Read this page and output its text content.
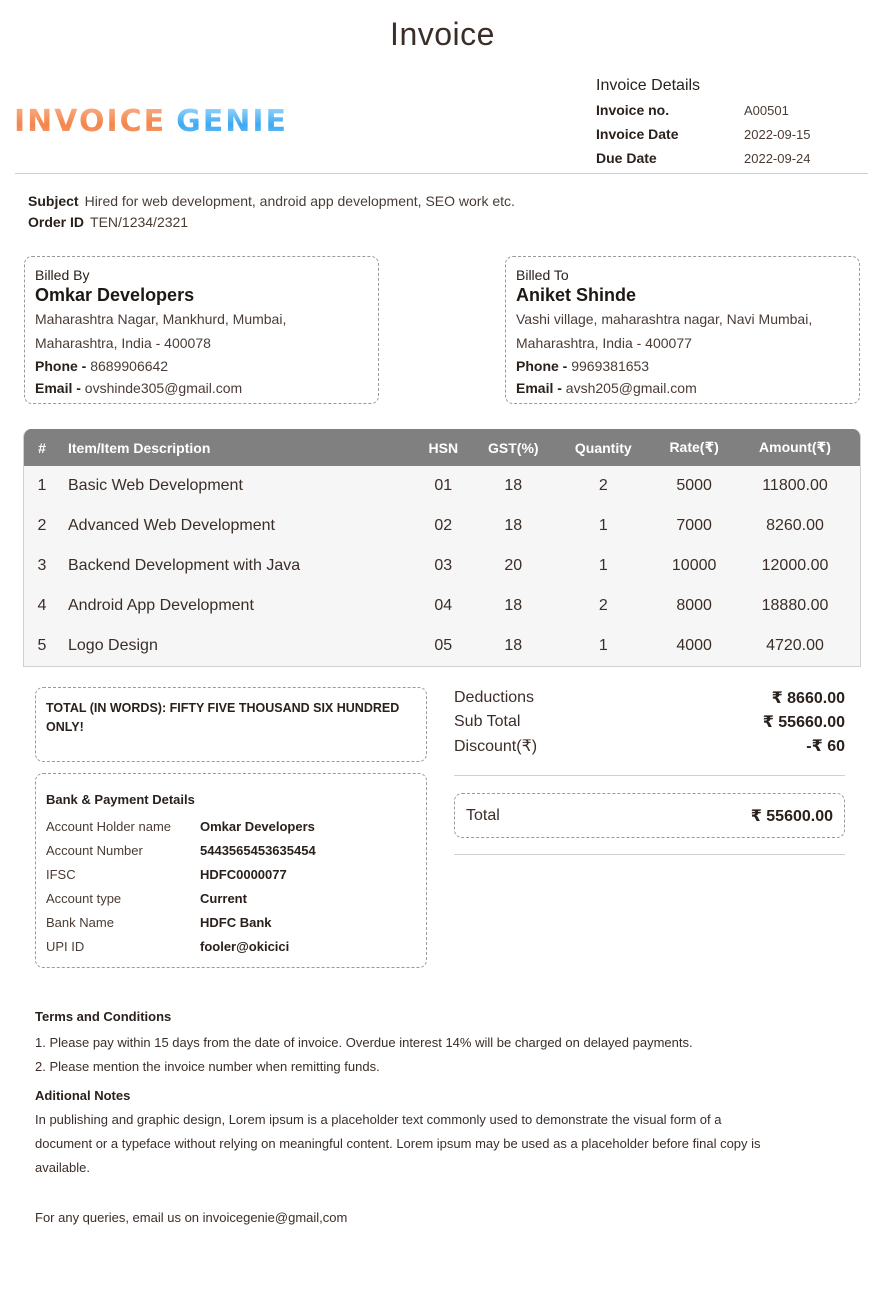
Invoice
INVOICE GENIE
Invoice Details
Invoice no.	A00501
Invoice Date	2022-09-15
Due Date	2022-09-24
Subject Hired for web development, android app development, SEO work etc.
Order ID TEN/1234/2321
Billed By
Omkar Developers
Maharashtra Nagar, Mankhurd, Mumbai, Maharashtra, India - 400078
Phone - 8689906642
Email - ovshinde305@gmail.com
Billed To
Aniket Shinde
Vashi village, maharashtra nagar, Navi Mumbai, Maharashtra, India - 400077
Phone - 9969381653
Email - avsh205@gmail.com
#	Item/Item Description	HSN	GST(%)	Quantity	Rate(₹)	Amount(₹)
1	Basic Web Development	01	18	2	5000	11800.00
2	Advanced Web Development	02	18	1	7000	8260.00
3	Backend Development with Java	03	20	1	10000	12000.00
4	Android App Development	04	18	2	8000	18880.00
5	Logo Design	05	18	1	4000	4720.00
TOTAL (IN WORDS): FIFTY FIVE THOUSAND SIX HUNDRED ONLY!
Bank & Payment Details
Account Holder name	Omkar Developers
Account Number	5443565453635454
IFSC	HDFC0000077
Account type	Current
Bank Name	HDFC Bank
UPI ID	fooler@okicici
Deductions	₹ 8660.00
Sub Total	₹ 55660.00
Discount(₹)	-₹ 60
Total	₹ 55600.00
Terms and Conditions
1. Please pay within 15 days from the date of invoice. Overdue interest 14% will be charged on delayed payments.
2. Please mention the invoice number when remitting funds.
Aditional Notes
In publishing and graphic design, Lorem ipsum is a placeholder text commonly used to demonstrate the visual form of a document or a typeface without relying on meaningful content. Lorem ipsum may be used as a placeholder before final copy is available.
For any queries, email us on invoicegenie@gmail,com
